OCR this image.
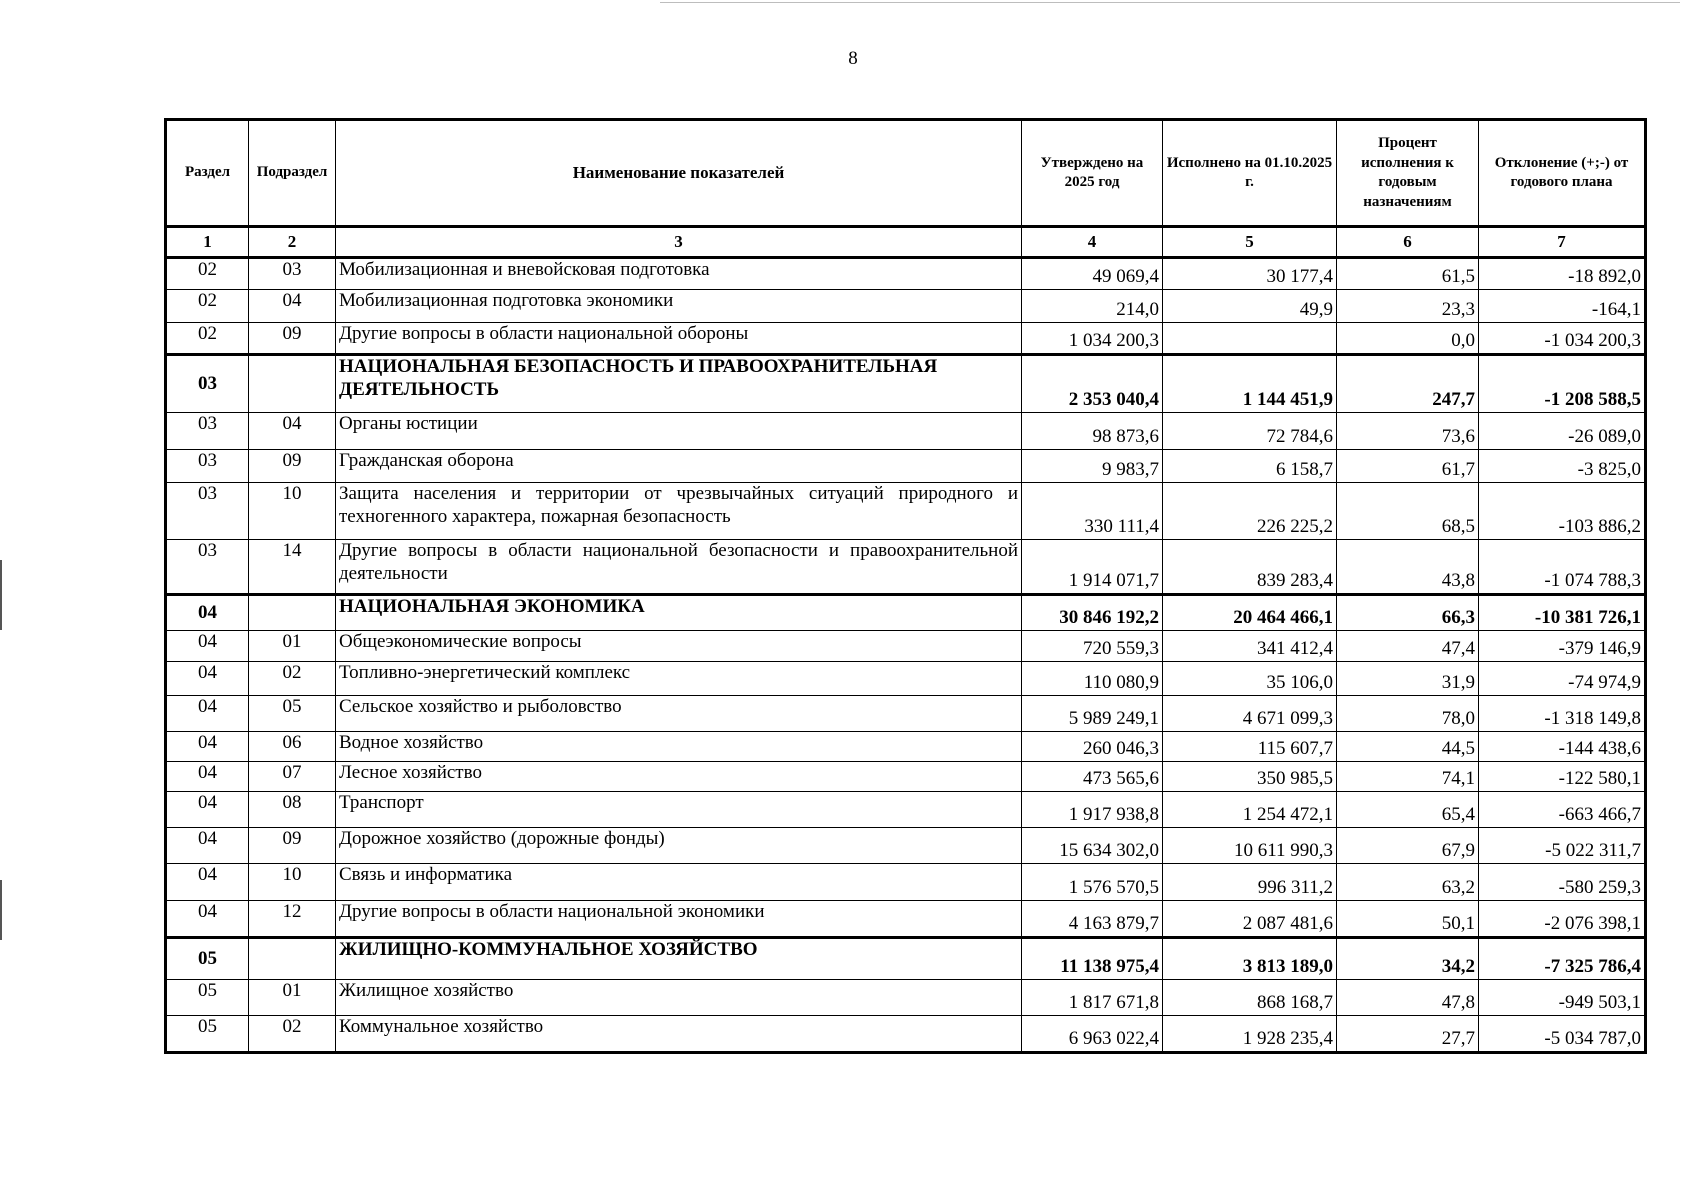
8
Раздел	Подраздел	Наименование показателей	Утверждено на 2025 год	Исполнено на 01.10.2025 г.	Процент исполнения к годовым назначениям	Отклонение (+;-) от годового плана
1	2	3	4	5	6	7
02	03	Мобилизационная и вневойсковая подготовка	49 069,4	30 177,4	61,5	-18 892,0
02	04	Мобилизационная подготовка экономики	214,0	49,9	23,3	-164,1
02	09	Другие вопросы в области национальной обороны	1 034 200,3		0,0	-1 034 200,3
03		НАЦИОНАЛЬНАЯ БЕЗОПАСНОСТЬ И ПРАВООХРАНИТЕЛЬНАЯ ДЕЯТЕЛЬНОСТЬ	2 353 040,4	1 144 451,9	247,7	-1 208 588,5
03	04	Органы юстиции	98 873,6	72 784,6	73,6	-26 089,0
03	09	Гражданская оборона	9 983,7	6 158,7	61,7	-3 825,0
03	10	Защита населения и территории от чрезвычайных ситуаций природного и техногенного характера, пожарная безопасность	330 111,4	226 225,2	68,5	-103 886,2
03	14	Другие вопросы в области национальной безопасности и правоохранительной деятельности	1 914 071,7	839 283,4	43,8	-1 074 788,3
04		НАЦИОНАЛЬНАЯ ЭКОНОМИКА	30 846 192,2	20 464 466,1	66,3	-10 381 726,1
04	01	Общеэкономические вопросы	720 559,3	341 412,4	47,4	-379 146,9
04	02	Топливно-энергетический комплекс	110 080,9	35 106,0	31,9	-74 974,9
04	05	Сельское хозяйство и рыболовство	5 989 249,1	4 671 099,3	78,0	-1 318 149,8
04	06	Водное хозяйство	260 046,3	115 607,7	44,5	-144 438,6
04	07	Лесное хозяйство	473 565,6	350 985,5	74,1	-122 580,1
04	08	Транспорт	1 917 938,8	1 254 472,1	65,4	-663 466,7
04	09	Дорожное хозяйство (дорожные фонды)	15 634 302,0	10 611 990,3	67,9	-5 022 311,7
04	10	Связь и информатика	1 576 570,5	996 311,2	63,2	-580 259,3
04	12	Другие вопросы в области национальной экономики	4 163 879,7	2 087 481,6	50,1	-2 076 398,1
05		ЖИЛИЩНО-КОММУНАЛЬНОЕ ХОЗЯЙСТВО	11 138 975,4	3 813 189,0	34,2	-7 325 786,4
05	01	Жилищное хозяйство	1 817 671,8	868 168,7	47,8	-949 503,1
05	02	Коммунальное хозяйство	6 963 022,4	1 928 235,4	27,7	-5 034 787,0
